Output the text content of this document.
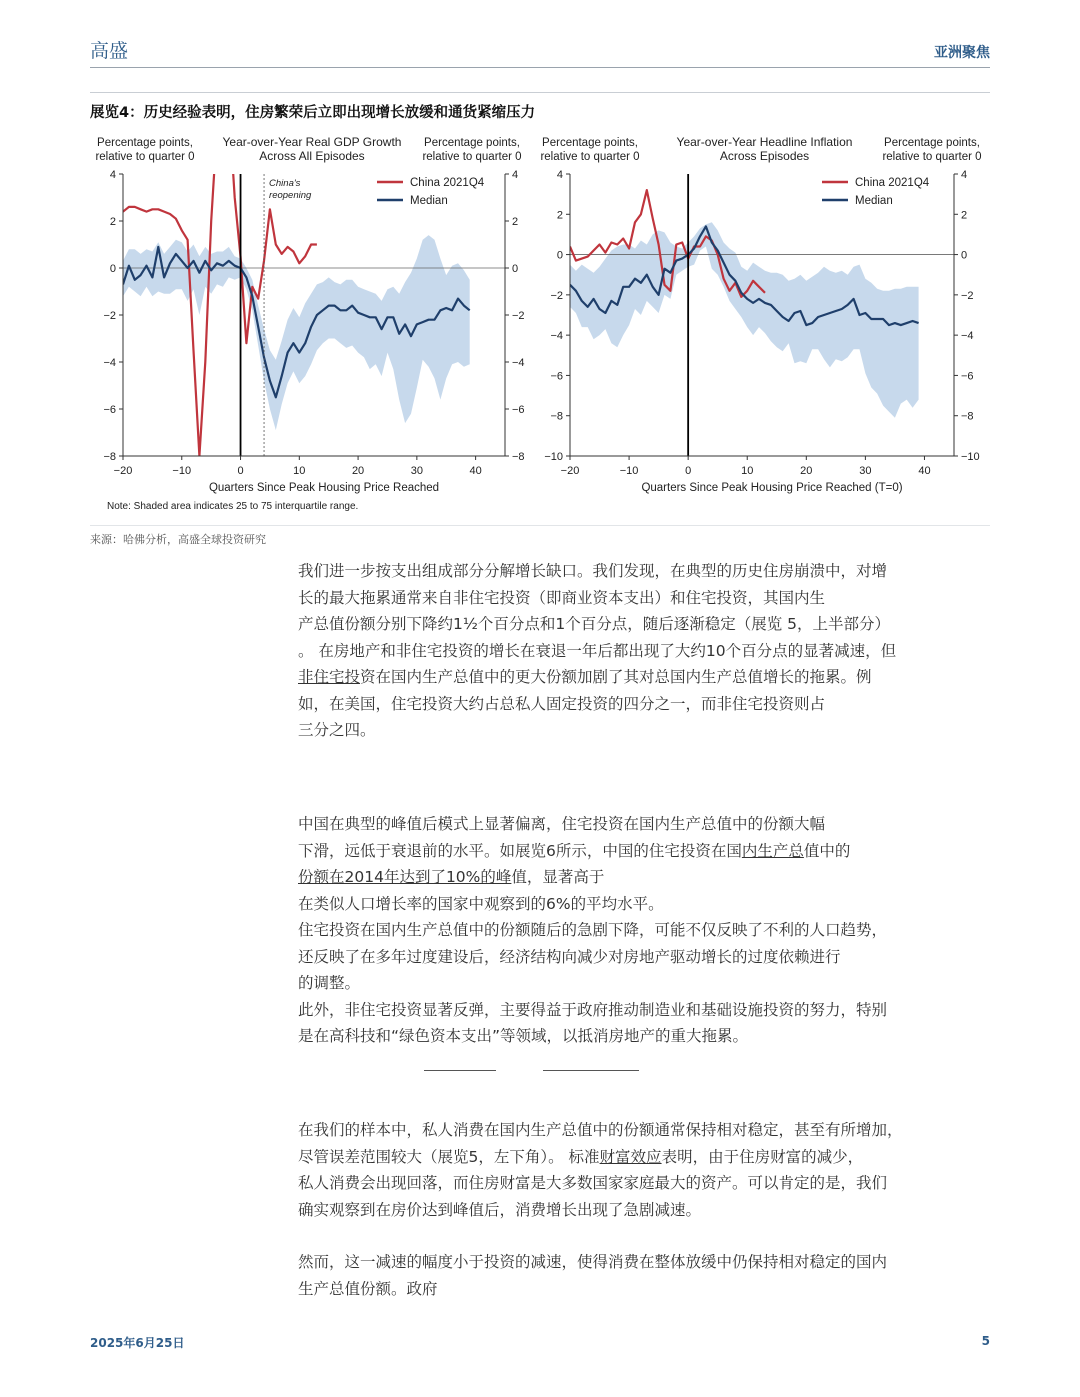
高盛	亚洲聚焦
展览4：历史经验表明，住房繁荣后立即出现增长放缓和通货紧缩压力
Percentage points,
relative to quarter 0
Year-over-Year Real GDP Growth
Across All Episodes
Percentage points,
relative to quarter 0
China's
reopening
−8	−8
−6	−6
−4	−4
−2	−2
0	0
2	2
4	4
−20	−10	0	10	20	30	40
Quarters Since Peak Housing Price Reached
China 2021Q4
Median
Note: Shaded area indicates 25 to 75 interquartile range.
Percentage points,
relative to quarter 0
Year-over-Year Headline Inflation
Across Episodes
Percentage points,
relative to quarter 0
−10	−10
−8	−8
−6	−6
−4	−4
−2	−2
0	0
2	2
4	4
−20	−10	0	10	20	30	40
Quarters Since Peak Housing Price Reached (T=0)
China 2021Q4
Median
来源：哈佛分析，高盛全球投资研究

我们进一步按支出组成部分分解增长缺口。我们发现，在典型的历史住房崩溃中，对增

长的最大拖累通常来自非住宅投资（即商业资本支出）和住宅投资，其国内生

产总值份额分别下降约1½个百分点和1个百分点，随后逐渐稳定（展览 5，上半部分）

。 在房地产和非住宅投资的增长在衰退一年后都出现了大约10个百分点的显著减速，但

非住宅投资在国内生产总值中的更大份额加剧了其对总国内生产总值增长的拖累。例

如，在美国，住宅投资大约占总私人固定投资的四分之一，而非住宅投资则占

三分之四。

中国在典型的峰值后模式上显著偏离，住宅投资在国内生产总值中的份额大幅

下滑，远低于衰退前的水平。如展览6所示，中国的住宅投资在国内生产总值中的

份额在2014年达到了10%的峰值，显著高于

在类似人口增长率的国家中观察到的6%的平均水平。

住宅投资在国内生产总值中的份额随后的急剧下降，可能不仅反映了不利的人口趋势，

还反映了在多年过度建设后，经济结构向减少对房地产驱动增长的过度依赖进行

的调整。

此外，非住宅投资显著反弹，主要得益于政府推动制造业和基础设施投资的努力，特别

是在高科技和“绿色资本支出”等领域，以抵消房地产的重大拖累。

在我们的样本中，私人消费在国内生产总值中的份额通常保持相对稳定，甚至有所增加，

尽管误差范围较大（展览5，左下角）。 标准财富效应表明，由于住房财富的减少，

私人消费会出现回落，而住房财富是大多数国家家庭最大的资产。可以肯定的是，我们

确实观察到在房价达到峰值后，消费增长出现了急剧减速。

然而，这一减速的幅度小于投资的减速，使得消费在整体放缓中仍保持相对稳定的国内

生产总值份额。政府

2025年6月25日	5
